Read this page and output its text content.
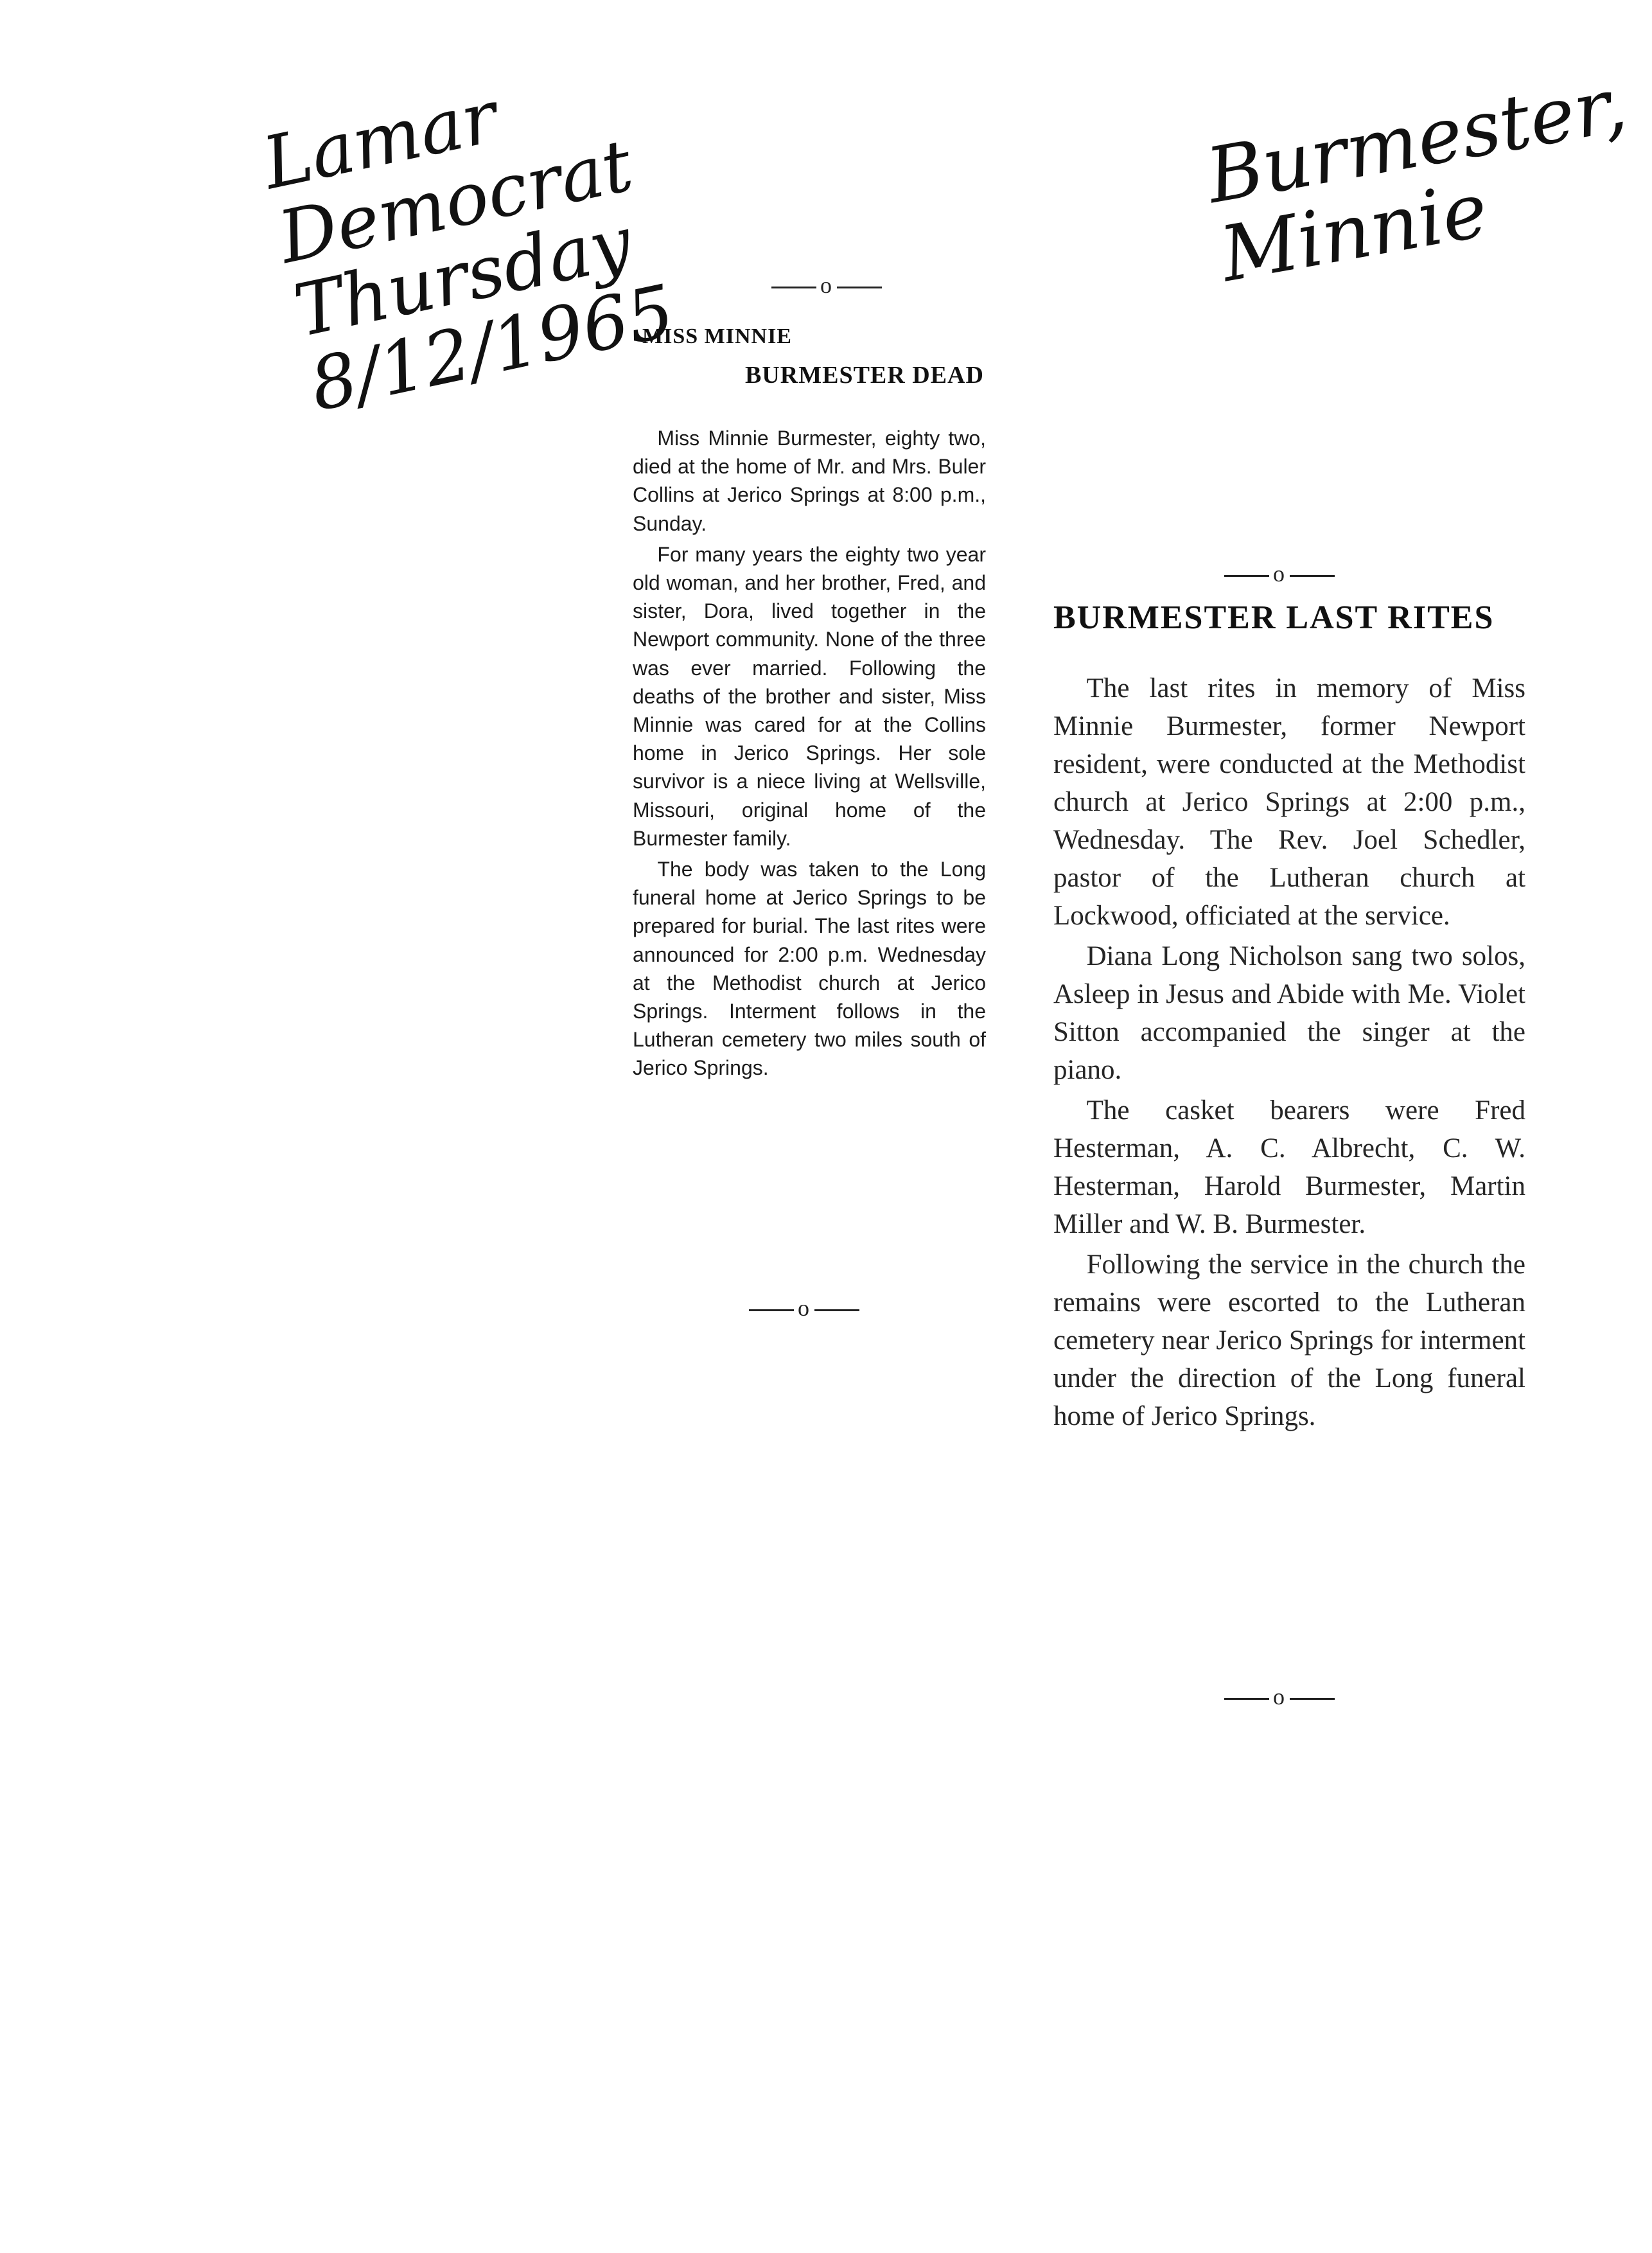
Lamar
Democrat
Thursday
8/12/1965
Burmester,
Minnie
o
MISS MINNIE
BURMESTER DEAD

Miss Minnie Burmester, eighty two, died at the home of Mr. and Mrs. Buler Collins at Jerico Springs at 8:00 p.m., Sunday.

For many years the eighty two year old woman, and her brother, Fred, and sister, Dora, lived together in the Newport community. None of the three was ever married. Following the deaths of the brother and sister, Miss Minnie was cared for at the Collins home in Jerico Springs. Her sole survivor is a niece living at Wellsville, Missouri, original home of the Burmester family.

The body was taken to the Long funeral home at Jerico Springs to be prepared for burial. The last rites were announced for 2:00 p.m. Wednesday at the Methodist church at Jerico Springs. Interment follows in the Lutheran cemetery two miles south of Jerico Springs.

o
o
BURMESTER LAST RITES

The last rites in memory of Miss Minnie Burmester, former Newport resident, were conducted at the Methodist church at Jerico Springs at 2:00 p.m., Wednesday. The Rev. Joel Schedler, pastor of the Lutheran church at Lockwood, officiated at the service.

Diana Long Nicholson sang two solos, Asleep in Jesus and Abide with Me. Violet Sitton accompanied the singer at the piano.

The casket bearers were Fred Hesterman, A. C. Albrecht, C. W. Hesterman, Harold Burmester, Martin Miller and W. B. Burmester.

Following the service in the church the remains were escorted to the Lutheran cemetery near Jerico Springs for interment under the direction of the Long funeral home of Jerico Springs.

o
